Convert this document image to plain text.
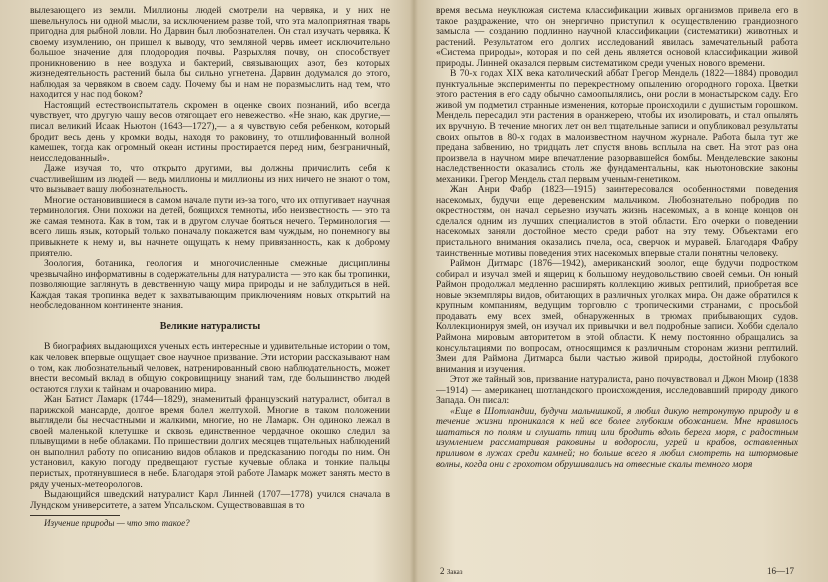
вылезающего из земли. Миллионы людей смотрели на червяка, и у них не шевельнулось ни одной мысли, за исключением разве той, что эта малоприятная тварь пригодна для рыбной ловли. Но Дарвин был любознателен. Он стал изучать червяка. К своему изумлению, он пришел к выводу, что земляной червь имеет исключительно большое значение для плодородия почвы. Разрыхляя почву, он способствует проникновению в нее воздуха и бактерий, связывающих азот, без которых жизнедеятельность растений была бы сильно угнетена. Дарвин додумался до этого, наблюдая за червяком в своем саду. Почему бы и нам не поразмыслить над тем, что находится у нас под боком?

Настоящий естествоиспытатель скромен в оценке своих познаний, ибо всегда чувствует, что другую чашу весов отягощает его невежество. «Не знаю, как другие,— писал великий Исаак Ньютон (1643—1727),— а я чувствую себя ребенком, который бродит весь день у кромки воды, находя то раковину, то отшлифованный волной камешек, тогда как огромный океан истины простирается перед ним, безграничный, неисследованный».

Даже изучая то, что открыто другими, вы должны причислить себя к счастливейшим из людей — ведь миллионы и миллионы из них ничего не знают о том, что вызывает вашу любознательность.

Многие остановившиеся в самом начале пути из-за того, что их отпугивает научная терминология. Они похожи на детей, боящихся темноты, ибо неизвестность — это та же самая темнота. Как в том, так и в другом случае бояться нечего. Терминология — всего лишь язык, который только поначалу покажется вам чуждым, но понемногу вы привыкнете к нему и, вы начнете ощущать к нему привязанность, как к доброму приятелю.

Зоология, ботаника, геология и многочисленные смежные дисциплины чрезвычайно информативны в содержательны для натуралиста — это как бы тропинки, позволяющие заглянуть в девственную чащу мира природы и не заблудиться в ней. Каждая такая тропинка ведет к захватывающим приключениям новых открытий на необследованном континенте знания.

Великие натуралисты

В биографиях выдающихся ученых есть интересные и удивительные истории о том, как человек впервые ощущает свое научное призвание. Эти истории рассказывают нам о том, как любознательный человек, натренированный свою наблюдательность, может внести весомый вклад в общую сокровищницу знаний там, где большинство людей остаются глухи к тайнам и очарованию мира.

Жан Батист Ламарк (1744—1829), знаменитый французский натуралист, обитал в парижской мансарде, долгое время болел желтухой. Многие в таком положении выглядели бы несчастными и жалкими, многие, но не Ламарк. Он одиноко лежал в своей маленькой клетушке и сквозь единственное чердачное окошко следил за плывущими в небе облаками. По пришествии долгих месяцев тщательных наблюдений он выполнил работу по описанию видов облаков и предсказанию погоды по ним. Он установил, какую погоду предвещают густые кучевые облака и тонкие пальцы перистых, протянувшиеся в небе. Благодаря этой работе Ламарк может занять место в ряду ученых-метеорологов.

Выдающийся шведский натуралист Карл Линней (1707—1778) учился сначала в Лундском университете, а затем Упсальском. Существовавшая в то

Изучение природы — что это такое?

время весьма неуклюжая система классификации живых организмов привела его в такое раздражение, что он энергично приступил к осуществлению грандиозного замысла — созданию подлинно научной классификации (систематики) животных и растений. Результатом его долгих исследований явилась замечательный работа «Система природы», которая и по сей день является основой классификации живой природы. Линней оказался первым систематиком среди ученых нового времени.

В 70-х годах XIX века католический аббат Грегор Мендель (1822—1884) проводил пунктуальные эксперименты по перекрестному опылению огородного гороха. Цветки этого растения в его саду обычно самоопылялись, они росли в монастырском саду. Его живой ум подметил странные изменения, которые происходили с душистым горошком. Мендель пересадил эти растения в оранжерею, чтобы их изолировать, и стал опылять их вручную. В течение многих лет он вел тщательные записи и опубликовал результаты своих опытов в 80-х годах в малоизвестном научном журнале. Работа была тут же предана забвению, но тридцать лет спустя вновь всплыла на свет. На этот раз она произвела в научном мире впечатление разорвавшейся бомбы. Менделевские законы наследственности оказались столь же фундаментальны, как ньютоновские законы механики. Грегор Мендель стал первым ученым-генетиком.

Жан Анри Фабр (1823—1915) заинтересовался особенностями поведения насекомых, будучи еще деревенским мальчиком. Любознательно побродив по окрестностям, он начал серьезно изучать жизнь насекомых, а в конце концов он сделался одним из лучших специалистов в этой области. Его очерки о поведении насекомых заняли достойное место среди работ на эту тему. Объектами его пристального внимания оказались пчела, оса, сверчок и муравей. Благодаря Фабру таинственные мотивы поведения этих насекомых впервые стали понятны человеку.

Раймон Дитмарс (1876—1942), американский зоолог, еще будучи подростком собирал и изучал змей и ящериц к большому неудовольствию своей семьи. Он юный Раймон продолжал медленно расширять коллекцию живых рептилий, приобретая все новые экземпляры видов, обитающих в различных уголках мира. Он даже обратился к крупным компаниям, ведущим торговлю с тропическими странами, с просьбой продавать ему всех змей, обнаруженных в трюмах прибывающих судов. Коллекционируя змей, он изучал их привычки и вел подробные записи. Хобби сделало Раймона мировым авторитетом в этой области. К нему постоянно обращались за консультациями по вопросам, относящимся к различным сторонам жизни рептилий. Змеи для Раймона Дитмарса были частью живой природы, достойной глубокого внимания и изучения.

Этот же тайный зов, призвание натуралиста, рано почувствовал и Джон Мюир (1838—1914) — американец шотландского происхождения, исследовавший природу дикого Запада. Он писал:

«Еще в Шотландии, будучи мальчишкой, я любил дикую нетронутую природу и в течение жизни проникался к ней все более глубоким обожанием. Мне нравилось шататься по полям и слушать птиц или бродить вдоль берега моря, с радостным изумлением рассматривая раковины и водоросли, угрей и крабов, оставленных приливом в лужах среди камней; но больше всего я любил смотреть на штормовые волны, когда они с грохотом обрушивались на отвесные скалы темного моря

2 Заказ	16—17
